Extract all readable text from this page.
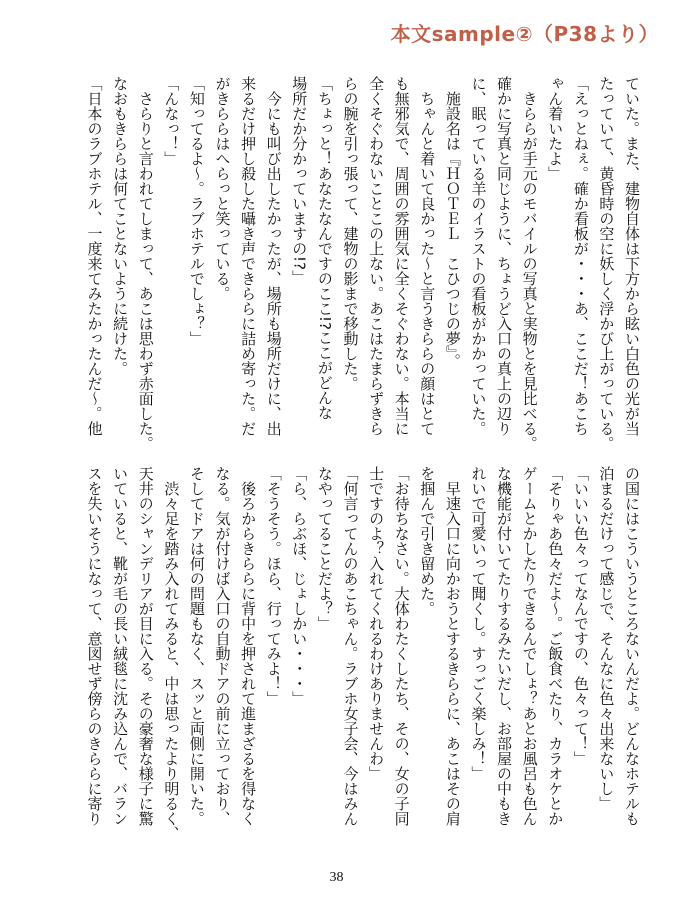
本文sample②（P38より）
ていた。また、建物自体は下方から眩い白色の光が当
たっていて、黄昏時の空に妖しく浮かび上がっている。
「えっとねぇ。確か看板が・・・あ、ここだ！あこち
ゃん着いたよ」
　きららが手元のモバイルの写真と実物とを見比べる。
確かに写真と同じように、ちょうど入口の真上の辺り
に、眠っている羊のイラストの看板がかかっていた。
　施設名は『ＨＯＴＥＬ　こひつじの夢』。
　ちゃんと着いて良かった～と言うきららの顔はとて
も無邪気で、周囲の雰囲気に全くそぐわない。本当に
全くそぐわないことこの上ない。あこはたまらずきら
らの腕を引っ張って、建物の影まで移動した。
「ちょっと！あなたなんですのここ!?ここがどんな
場所だか分かっていますの!?」
　今にも叫び出したかったが、場所も場所だけに、出
来るだけ押し殺した囁き声できららに詰め寄った。だ
がきららはへらっと笑っている。
「知ってるよ～。ラブホテルでしょ？」
「んなっ！」
　さらりと言われてしまって、あこは思わず赤面した。
なおもきららは何てことないように続けた。
「日本のラブホテル、一度来てみたかったんだ～。他
の国にはこういうところないんだよ。どんなホテルも
泊まるだけって感じで、そんなに色々出来ないし」
「いいい色々ってなんですの、色々って！」
「そりゃあ色々だよ～。ご飯食べたり、カラオケとか
ゲームとかしたりできるんでしょ？あとお風呂も色ん
な機能が付いてたりするみたいだし、お部屋の中もき
れいで可愛いって聞くし。すっごく楽しみ！」
　早速入口に向かおうとするきららに、あこはその肩
を掴んで引き留めた。
「お待ちなさい。大体わたくしたち、その、女の子同
士ですのよ？入れてくれるわけありませんわ」
「何言ってんのあこちゃん。ラブホ女子会、今はみん
なやってることだよ？」
「ら、らぶほ、じょしかい・・・」
「そうそう。ほら、行ってみよ！」
　後ろからきららに背中を押されて進まざるを得なく
なる。気が付けば入口の自動ドアの前に立っており、
そしてドアは何の問題もなく、スッと両側に開いた。
　渋々足を踏み入れてみると、中は思ったより明るく、
天井のシャンデリアが目に入る。その豪奢な様子に驚
いていると、靴が毛の長い絨毯に沈み込んで、バラン
スを失いそうになって、意図せず傍らのきららに寄り
38
